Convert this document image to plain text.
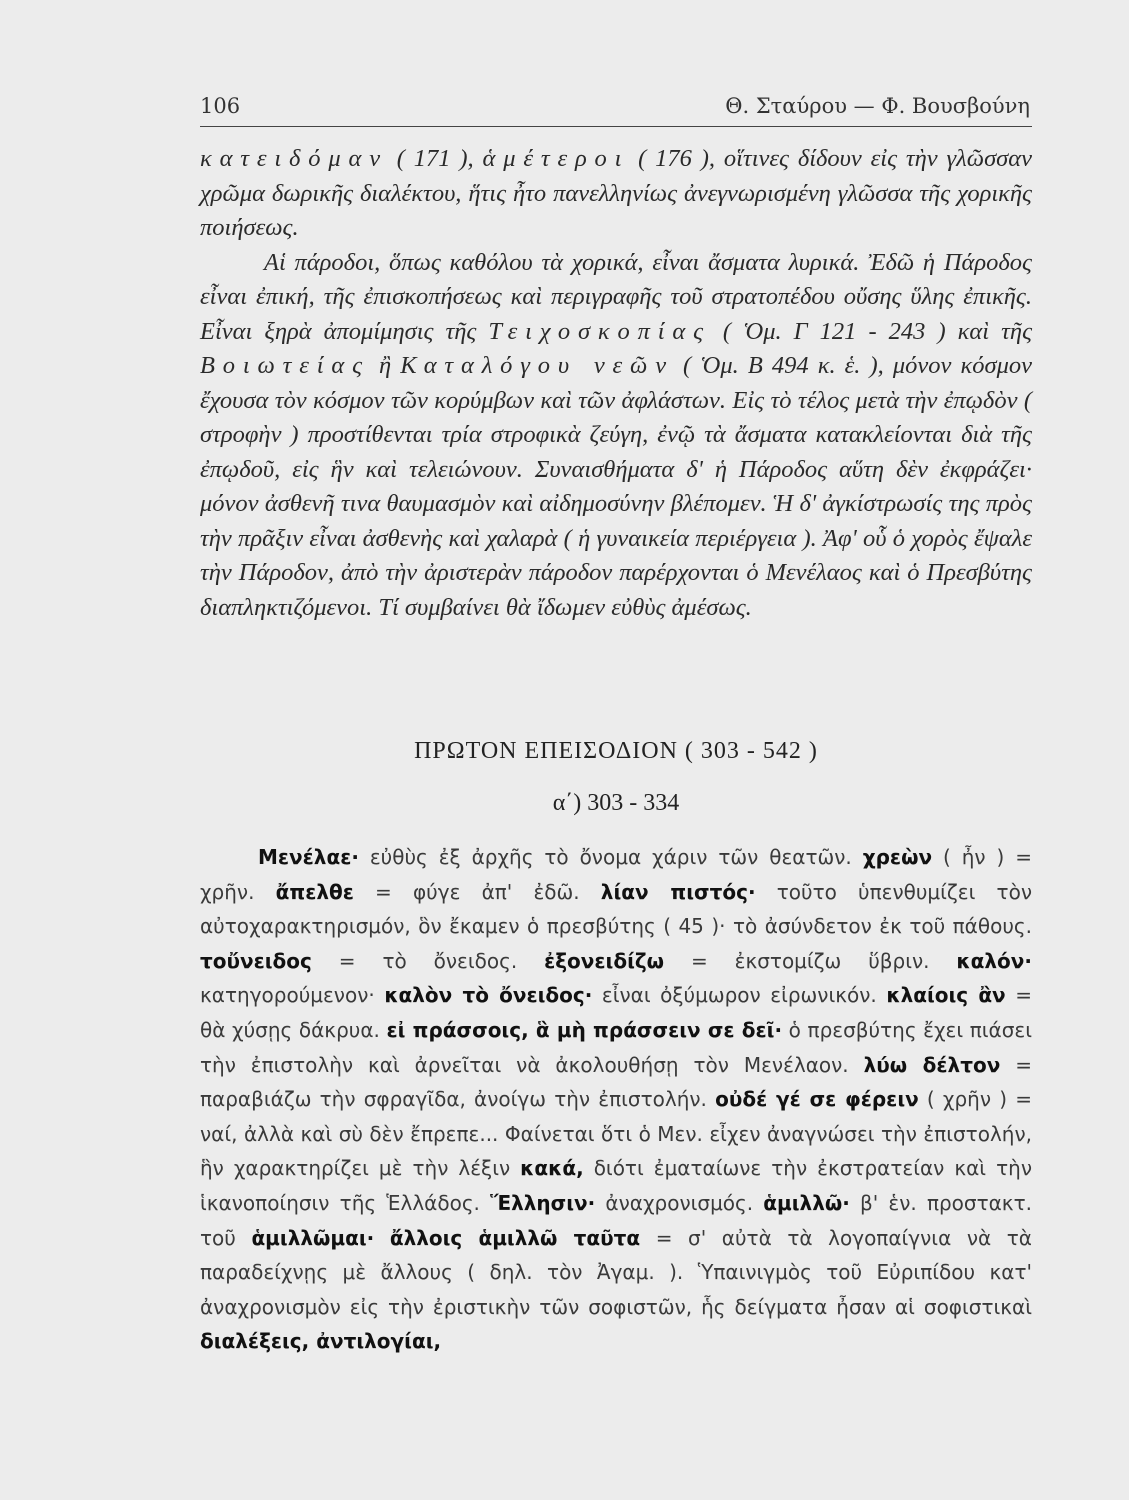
106	Θ. Σταύρου — Φ. Βουσβούνη

κατειδόμαν ( 171 ), ἁμέτεροι ( 176 ), οἵτινες δίδουν εἰς τὴν γλῶσσαν χρῶμα δωρικῆς διαλέκτου, ἥτις ἦτο πανελληνίως ἀνεγνωρισμένη γλῶσσα τῆς χορικῆς ποιήσεως.

Αἱ πάροδοι, ὅπως καθόλου τὰ χορικά, εἶναι ἄσματα λυρικά. Ἐδῶ ἡ Πάροδος εἶναι ἐπική, τῆς ἐπισκοπήσεως καὶ περιγραφῆς τοῦ στρατοπέδου οὔσης ὕλης ἐπικῆς. Εἶναι ξηρὰ ἀπομίμησις τῆς Τειχοσκοπίας ( Ὁμ. Γ 121 - 243 ) καὶ τῆς Βοιωτείας ἢ Καταλόγου νεῶν ( Ὁμ. Β 494 κ. ἑ. ), μόνον κόσμον ἔχουσα τὸν κόσμον τῶν κορύμβων καὶ τῶν ἀφλάστων. Εἰς τὸ τέλος μετὰ τὴν ἐπῳδὸν ( στροφὴν ) προστίθενται τρία στροφικὰ ζεύγη, ἐνῷ τὰ ἄσματα κατακλείονται διὰ τῆς ἐπῳδοῦ, εἰς ἣν καὶ τελειώνουν. Συναισθήματα δ' ἡ Πάροδος αὕτη δὲν ἐκφράζει· μόνον ἀσθενῆ τινα θαυμασμὸν καὶ αἰδημοσύνην βλέπομεν. Ἡ δ' ἀγκίστρωσίς της πρὸς τὴν πρᾶξιν εἶναι ἀσθενὴς καὶ χαλαρὰ ( ἡ γυναικεία περιέργεια ). Ἀφ' οὗ ὁ χορὸς ἔψαλε τὴν Πάροδον, ἀπὸ τὴν ἀριστερὰν πάροδον παρέρχονται ὁ Μενέλαος καὶ ὁ Πρεσβύτης διαπληκτιζόμενοι. Τί συμβαίνει θὰ ἴδωμεν εὐθὺς ἀμέσως.

ΠΡΩΤΟΝ ΕΠΕΙΣΟΔΙΟΝ ( 303 - 542 )
α΄) 303 - 334

Μενέλαε· εὐθὺς ἐξ ἀρχῆς τὸ ὄνομα χάριν τῶν θεατῶν. χρεὼν ( ἦν ) = χρῆν. ἄπελθε = φύγε ἀπ' ἐδῶ. λίαν πιστός· τοῦτο ὑπενθυμίζει τὸν αὐτοχαρακτηρισμόν, ὃν ἔκαμεν ὁ πρεσβύτης ( 45 )· τὸ ἀσύνδετον ἐκ τοῦ πάθους. τοὔνειδος = τὸ ὄνειδος. ἐξονειδίζω = ἐκστομίζω ὕβριν. καλόν· κατηγορούμενον· καλὸν τὸ ὄνειδος· εἶναι ὀξύμωρον εἰρωνικόν. κλαίοις ἂν = θὰ χύσῃς δάκρυα. εἰ πράσσοις, ἃ μὴ πράσσειν σε δεῖ· ὁ πρεσβύτης ἔχει πιάσει τὴν ἐπιστολὴν καὶ ἀρνεῖται νὰ ἀκολουθήσῃ τὸν Μενέλαον. λύω δέλτον = παραβιάζω τὴν σφραγῖδα, ἀνοίγω τὴν ἐπιστολήν. οὐδέ γέ σε φέρειν ( χρῆν ) = ναί, ἀλλὰ καὶ σὺ δὲν ἔπρεπε... Φαίνεται ὅτι ὁ Μεν. εἶχεν ἀναγνώσει τὴν ἐπιστολήν, ἣν χαρακτηρίζει μὲ τὴν λέξιν κακά, διότι ἐματαίωνε τὴν ἐκστρατείαν καὶ τὴν ἱκανοποίησιν τῆς Ἑλλάδος. Ἕλλησιν· ἀναχρονισμός. ἁμιλλῶ· β' ἑν. προστακτ. τοῦ ἁμιλλῶμαι· ἄλλοις ἁμιλλῶ ταῦτα = σ' αὐτὰ τὰ λογοπαίγνια νὰ τὰ παραδείχνῃς μὲ ἄλλους ( δηλ. τὸν Ἀγαμ. ). Ὑπαινιγμὸς τοῦ Εὐριπίδου κατ' ἀναχρονισμὸν εἰς τὴν ἐριστικὴν τῶν σοφιστῶν, ἧς δείγματα ἦσαν αἱ σοφιστικαὶ διαλέξεις, ἀντιλογίαι,
